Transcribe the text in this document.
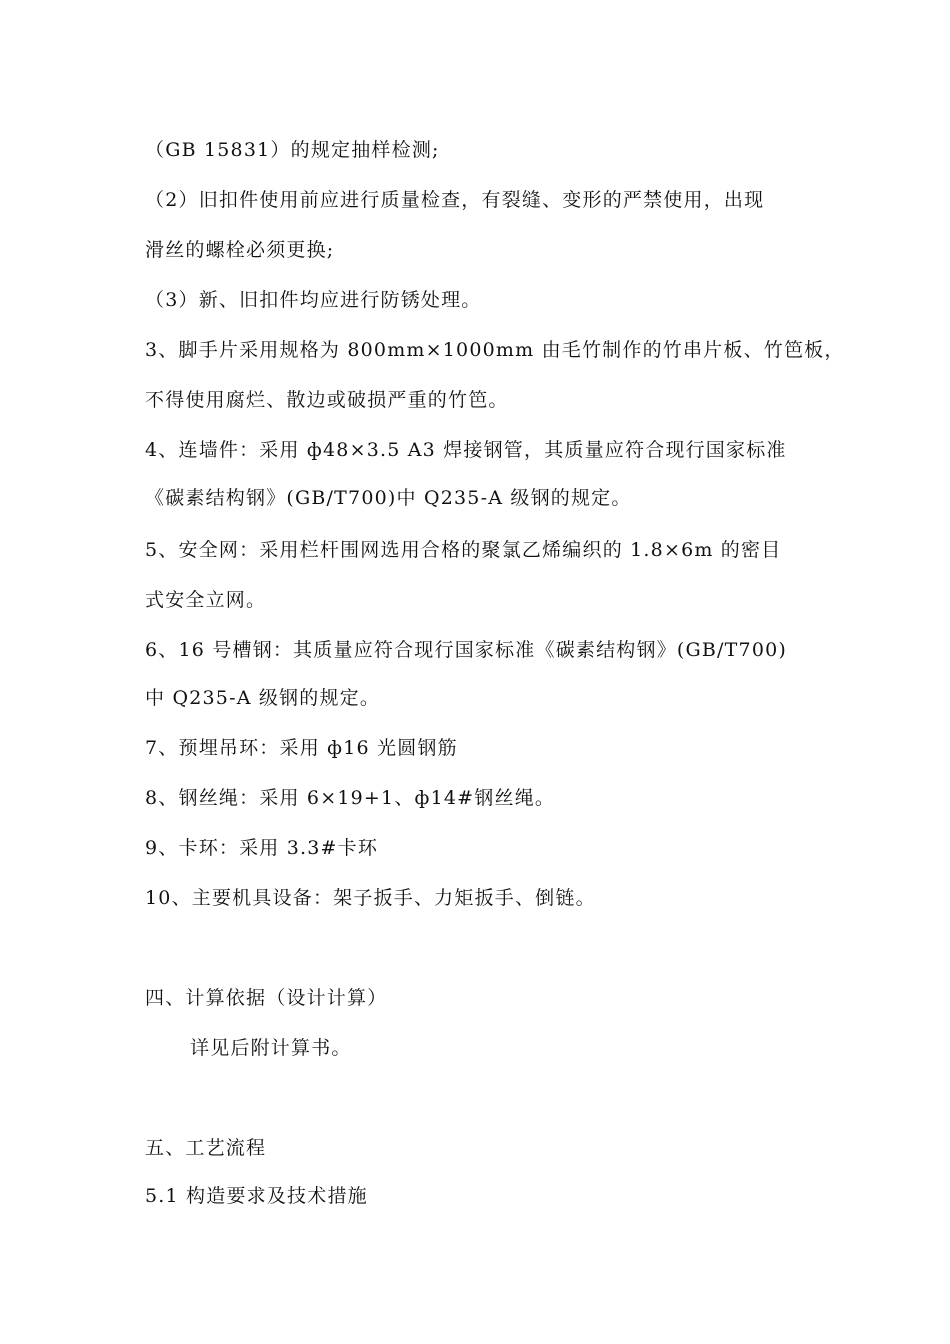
（GB 15831）的规定抽样检测;
（2）旧扣件使用前应进行质量检查，有裂缝、变形的严禁使用，出现
滑丝的螺栓必须更换;
（3）新、旧扣件均应进行防锈处理。
3、脚手片采用规格为 800mm×1000mm 由毛竹制作的竹串片板、竹笆板，
不得使用腐烂、散边或破损严重的竹笆。
4、连墙件：采用 ф48×3.5 A3 焊接钢管，其质量应符合现行国家标准
《碳素结构钢》(GB/T700)中 Q235-A 级钢的规定。
5、安全网：采用栏杆围网选用合格的聚氯乙烯编织的 1.8×6m 的密目
式安全立网。
6、16 号槽钢：其质量应符合现行国家标准《碳素结构钢》(GB/T700)
中 Q235-A 级钢的规定。
7、预埋吊环：采用 ф16 光圆钢筋
8、钢丝绳：采用 6×19+1、ф14#钢丝绳。
9、卡环：采用 3.3#卡环
10、主要机具设备：架子扳手、力矩扳手、倒链。
四、计算依据（设计计算）
详见后附计算书。
五、工艺流程
5.1 构造要求及技术措施
